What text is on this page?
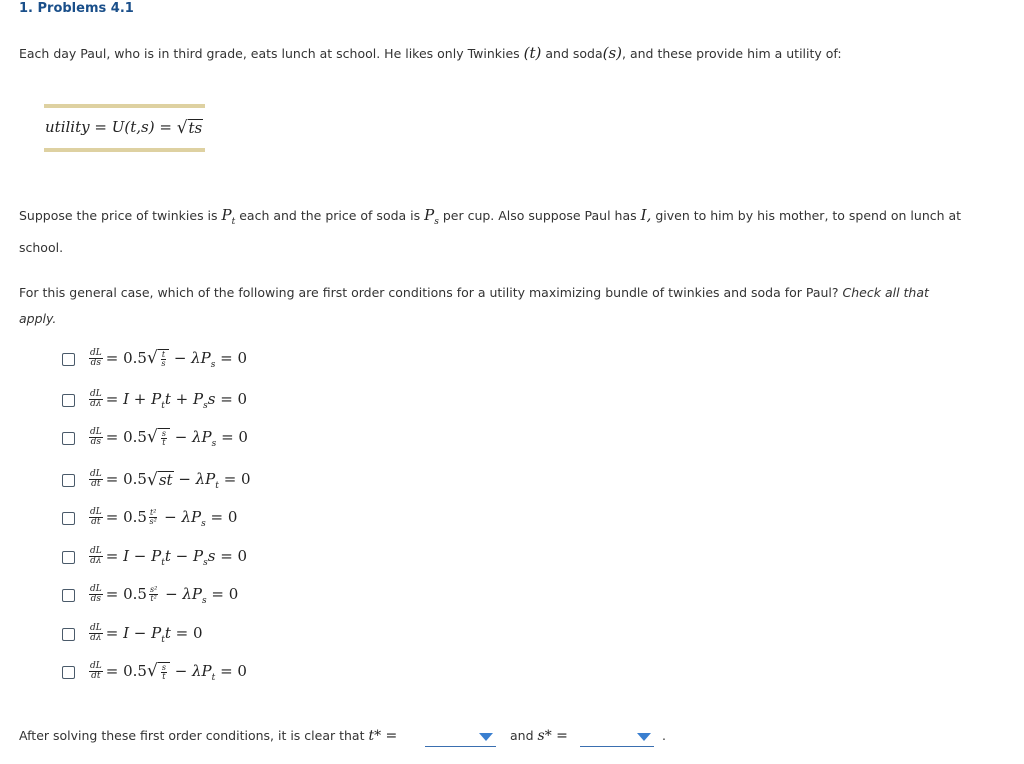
1. Problems 4.1
Each day Paul, who is in third grade, eats lunch at school. He likes only Twinkies (t) and soda(s), and these provide him a utility of:
utility = U(t,s) = √ ts
Suppose the price of twinkies is $P_t$ each and the price of soda is $P_s$ per cup. Also suppose Paul has I, given to him by his mother, to spend on lunch at
school.
For this general case, which of the following are first order conditions for a utility maximizing bundle of twinkies and soda for Paul? Check all that
apply.
$\frac{dL}{ds} = 0.5$ √ $\frac{t}{s} - \lambda P_s = 0$
$\frac{dL}{d\lambda} = I + P_tt + P_ss = 0$
$\frac{dL}{ds} = 0.5$ √ $\frac{s}{t} - \lambda P_s = 0$
$\frac{dL}{dt} = 0.5$ √ st − $\lambda P_t = 0$
$\frac{dL}{dt} = 0.5 \frac{\text{t²}}{\text{s²}} - \lambda P_s = 0$
$\frac{dL}{d\lambda} = I - P_tt - P_ss = 0$
$\frac{dL}{ds} = 0.5 \frac{\text{s²}}{\text{t²}} - \lambda P_s = 0$
$\frac{dL}{d\lambda} = I - P_tt = 0$
$\frac{dL}{dt} = 0.5$ √ $\frac{s}{t} - \lambda P_t = 0$
After solving these first order conditions, it is clear that t* =	and s* =	.
